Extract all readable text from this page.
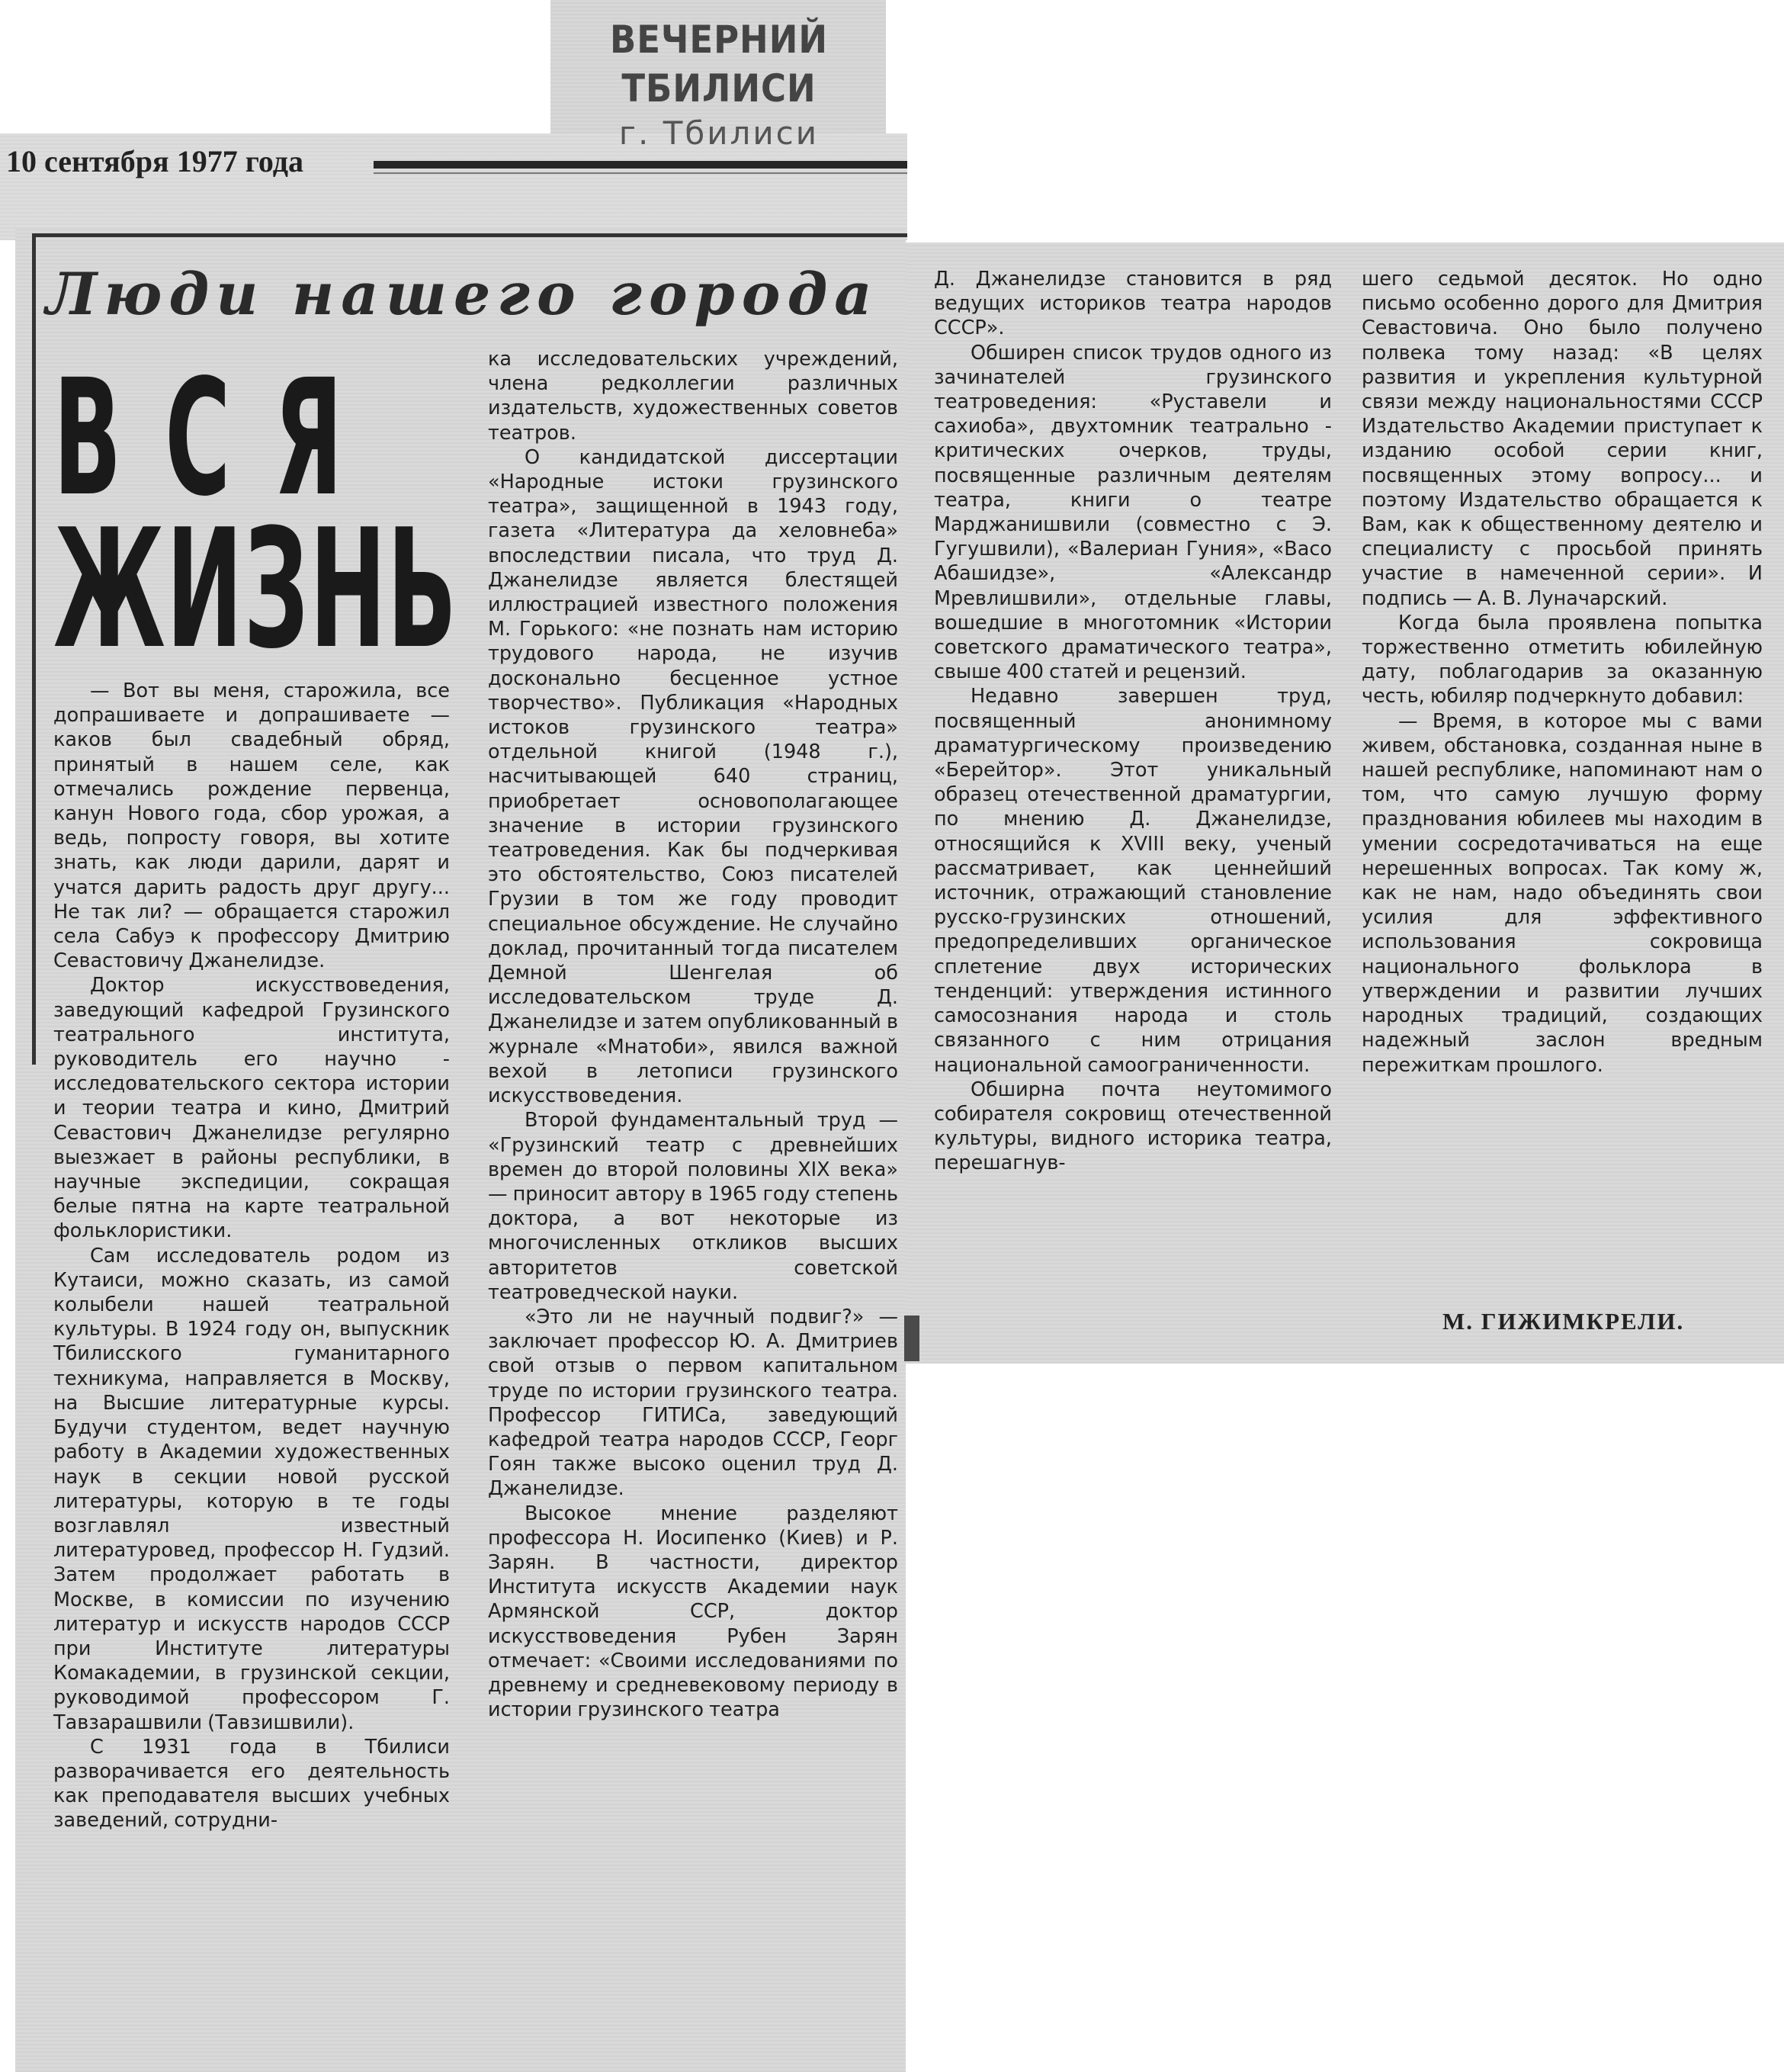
ВЕЧЕРНИЙ ТБИЛИСИ
г. Тбилиси
10 сентября 1977 года
Люди нашего города
ВСЯ
ЖИЗНЬ

— Вот вы меня, старожила, все допрашиваете и допрашиваете — каков был свадебный обряд, принятый в нашем селе, как отмечались рождение первенца, канун Нового года, сбор урожая, а ведь, попросту говоря, вы хотите знать, как люди дарили, дарят и учатся дарить радость друг другу... Не так ли? — обращается старожил села Сабуэ к профессору Дмитрию Севастовичу Джанелидзе.

Доктор искусствоведения, заведующий кафедрой Грузинского театрального института, руководитель его научно - исследовательского сектора истории и теории театра и кино, Дмитрий Севастович Джанелидзе регулярно выезжает в районы республики, в научные экспедиции, сокращая белые пятна на карте театральной фольклористики.

Сам исследователь родом из Кутаиси, можно сказать, из самой колыбели нашей театральной культуры. В 1924 году он, выпускник Тбилисского гуманитарного техникума, направляется в Москву, на Высшие литературные курсы. Будучи студентом, ведет научную работу в Академии художественных наук в секции новой русской литературы, которую в те годы возглавлял известный литературовед, профессор Н. Гудзий. Затем продолжает работать в Москве, в комиссии по изучению литератур и искусств народов СССР при Институте литературы Комакадемии, в грузинской секции, руководимой профессором Г. Тавзарашвили (Тавзишвили).

С 1931 года в Тбилиси разворачивается его деятельность как преподавателя высших учебных заведений, сотрудни-

ка исследовательских учреждений, члена редколлегии различных издательств, художественных советов театров.

О кандидатской диссертации «Народные истоки грузинского театра», защищенной в 1943 году, газета «Литература да хеловнеба» впоследствии писала, что труд Д. Джанелидзе является блестящей иллюстрацией известного положения М. Горького: «не познать нам историю трудового народа, не изучив досконально бесценное устное творчество». Публикация «Народных истоков грузинского театра» отдельной книгой (1948 г.), насчитывающей 640 страниц, приобретает основополагающее значение в истории грузинского театроведения. Как бы подчеркивая это обстоятельство, Союз писателей Грузии в том же году проводит специальное обсуждение. Не случайно доклад, прочитанный тогда писателем Демной Шенгелая об исследовательском труде Д. Джанелидзе и затем опубликованный в журнале «Мнатоби», явился важной вехой в летописи грузинского искусствоведения.

Второй фундаментальный труд — «Грузинский театр с древнейших времен до второй половины XIX века» — приносит автору в 1965 году степень доктора, а вот некоторые из многочисленных откликов высших авторитетов советской театроведческой науки.

«Это ли не научный подвиг?» — заключает профессор Ю. А. Дмитриев свой отзыв о первом капитальном труде по истории грузинского театра. Профессор ГИТИСа, заведующий кафедрой театра народов СССР, Георг Гоян также высоко оценил труд Д. Джанелидзе.

Высокое мнение разделяют профессора Н. Иосипенко (Киев) и Р. Зарян. В частности, директор Института искусств Академии наук Армянской ССР, доктор искусствоведения Рубен Зарян отмечает: «Своими исследованиями по древнему и средневековому периоду в истории грузинского театра

Д. Джанелидзе становится в ряд ведущих историков театра народов СССР».

Обширен список трудов одного из зачинателей грузинского театроведения: «Руставели и сахиоба», двухтомник театрально - критических очерков, труды, посвященные различным деятелям театра, книги о театре Марджанишвили (совместно с Э. Гугушвили), «Валериан Гуния», «Васо Абашидзе», «Александр Мревлишвили», отдельные главы, вошедшие в многотомник «Истории советского драматического театра», свыше 400 статей и рецензий.

Недавно завершен труд, посвященный анонимному драматургическому произведению «Берейтор». Этот уникальный образец отечественной драматургии, по мнению Д. Джанелидзе, относящийся к XVIII веку, ученый рассматривает, как ценнейший источник, отражающий становление русско-грузинских отношений, предопределивших органическое сплетение двух исторических тенденций: утверждения истинного самосознания народа и столь связанного с ним отрицания национальной самоограниченности.

Обширна почта неутомимого собирателя сокровищ отечественной культуры, видного историка театра, перешагнув-

шего седьмой десяток. Но одно письмо особенно дорого для Дмитрия Севастовича. Оно было получено полвека тому назад: «В целях развития и укрепления культурной связи между национальностями СССР Издательство Академии приступает к изданию особой серии книг, посвященных этому вопросу... и поэтому Издательство обращается к Вам, как к общественному деятелю и специалисту с просьбой принять участие в намеченной серии». И подпись — А. В. Луначарский.

Когда была проявлена попытка торжественно отметить юбилейную дату, поблагодарив за оказанную честь, юбиляр подчеркнуто добавил:

— Время, в которое мы с вами живем, обстановка, созданная ныне в нашей республике, напоминают нам о том, что самую лучшую форму празднования юбилеев мы находим в умении сосредотачиваться на еще нерешенных вопросах. Так кому ж, как не нам, надо объединять свои усилия для эффективного использования сокровища национального фольклора в утверждении и развитии лучших народных традиций, создающих надежный заслон вредным пережиткам прошлого.

М. ГИЖИМКРЕЛИ.
